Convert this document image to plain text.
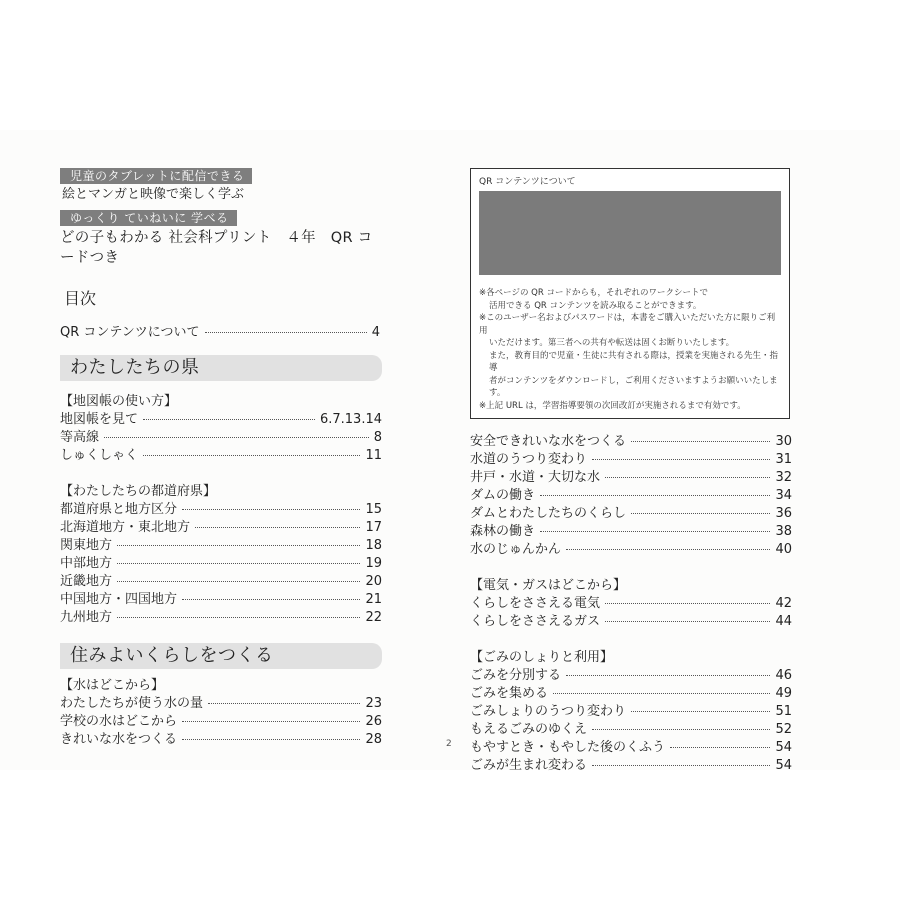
児童のタブレットに配信できる
絵とマンガと映像で楽しく学ぶ
ゆっくり ていねいに 学べる
どの子もわかる 社会科プリント　４年　QR コードつき
目次
QR コンテンツについて	4
わたしたちの県
【地図帳の使い方】
地図帳を見て	6.7.13.14
等高線	8
しゅくしゃく	11
【わたしたちの都道府県】
都道府県と地方区分	15
北海道地方・東北地方	17
関東地方	18
中部地方	19
近畿地方	20
中国地方・四国地方	21
九州地方	22
住みよいくらしをつくる
【水はどこから】
わたしたちが使う水の量	23
学校の水はどこから	26
きれいな水をつくる	28
QR コンテンツについて
※各ページの QR コードからも，それぞれのワークシートで
活用できる QR コンテンツを読み取ることができます。
※このユーザー名およびパスワードは，本書をご購入いただいた方に限りご利用
いただけます。第三者への共有や転送は固くお断りいたします。
また，教育目的で児童・生徒に共有される際は，授業を実施される先生・指導
者がコンテンツをダウンロードし，ご利用くださいますようお願いいたします。
※上記 URL は，学習指導要領の次回改訂が実施されるまで有効です。
安全できれいな水をつくる	30
水道のうつり変わり	31
井戸・水道・大切な水	32
ダムの働き	34
ダムとわたしたちのくらし	36
森林の働き	38
水のじゅんかん	40
【電気・ガスはどこから】
くらしをささえる電気	42
くらしをささえるガス	44
【ごみのしょりと利用】
ごみを分別する	46
ごみを集める	49
ごみしょりのうつり変わり	51
もえるごみのゆくえ	52
もやすとき・もやした後のくふう	54
ごみが生まれ変わる	54
2
